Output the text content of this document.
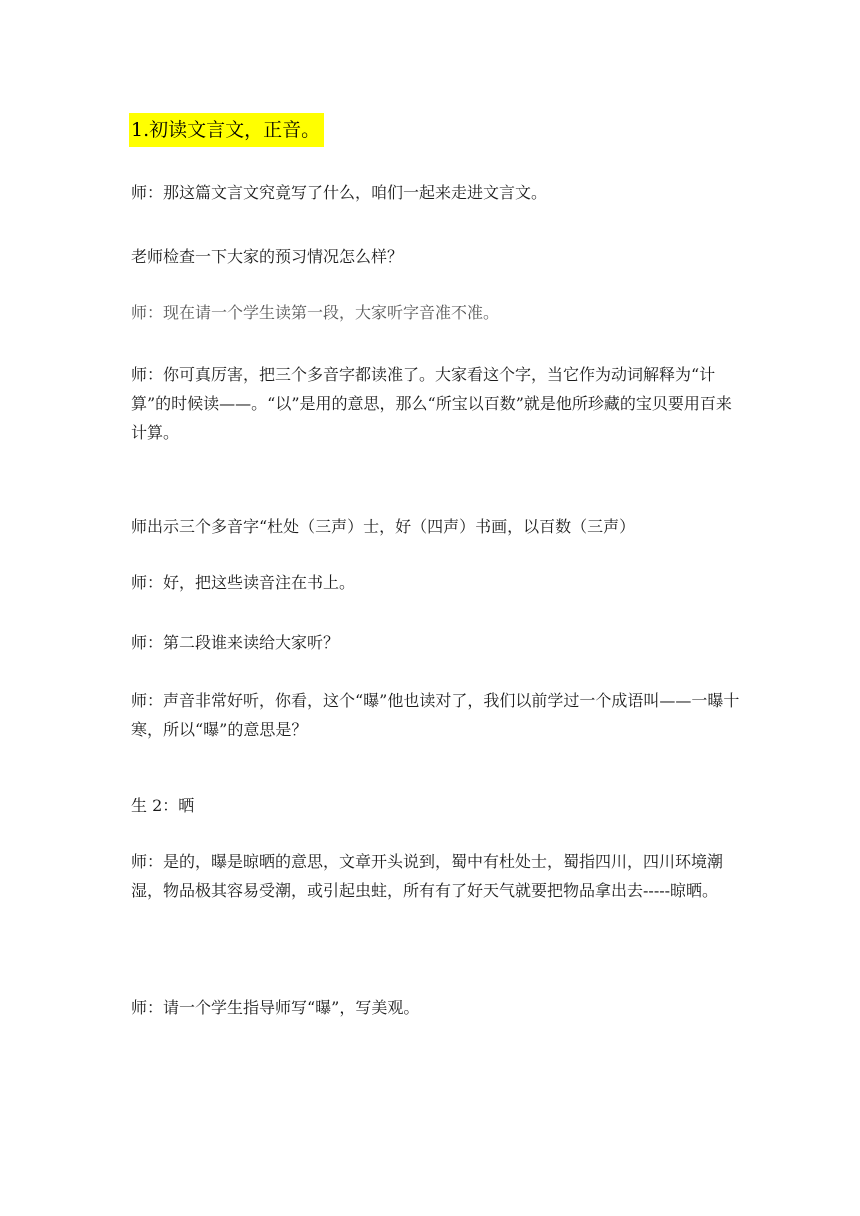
1.初读文言文，正音。

师：那这篇文言文究竟写了什么，咱们一起来走进文言文。

老师检查一下大家的预习情况怎么样？

师：现在请一个学生读第一段，大家听字音准不准。

师：你可真厉害，把三个多音字都读准了。大家看这个字，当它作为动词解释为“计算”的时候读——。“以”是用的意思，那么“所宝以百数”就是他所珍藏的宝贝要用百来计算。

师出示三个多音字“杜处（三声）士，好（四声）书画，以百数（三声）

师：好，把这些读音注在书上。

师：第二段谁来读给大家听？

师：声音非常好听，你看，这个“曝”他也读对了，我们以前学过一个成语叫——一曝十寒，所以“曝”的意思是？

生 2：晒

师：是的，曝是晾晒的意思，文章开头说到，蜀中有杜处士，蜀指四川，四川环境潮湿，物品极其容易受潮，或引起虫蛀，所有有了好天气就要把物品拿出去-----晾晒。

师：请一个学生指导师写“曝”，写美观。
